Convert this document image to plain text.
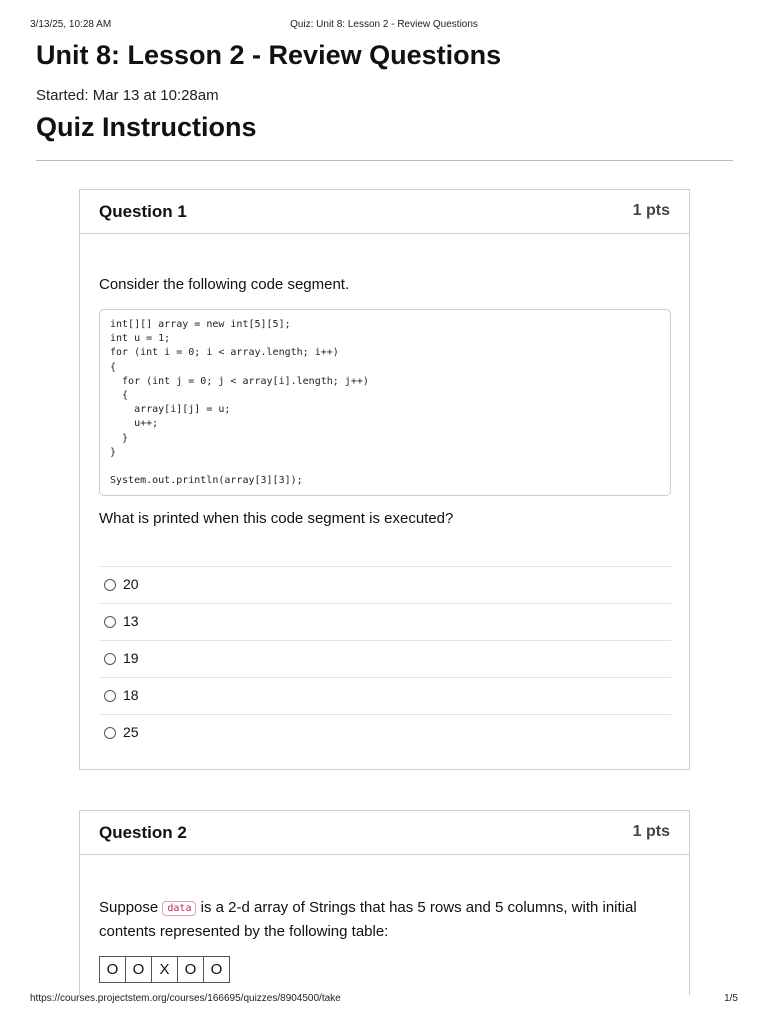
3/13/25, 10:28 AM	Quiz: Unit 8: Lesson 2 - Review Questions
Unit 8: Lesson 2 - Review Questions
Started: Mar 13 at 10:28am
Quiz Instructions
Question 1	1 pts
Consider the following code segment.
int[][] array = new int[5][5];
int u = 1;
for (int i = 0; i < array.length; i++)
{
for (int j = 0; j < array[i].length; j++)
{
array[i][j] = u;
u++;
}
}

System.out.println(array[3][3]);
What is printed when this code segment is executed?
20
13
19
18
25
Question 2	1 pts
Suppose data is a 2-d array of Strings that has 5 rows and 5 columns, with initial contents represented by the following table:
O	O	X	O	O
https://courses.projectstem.org/courses/166695/quizzes/8904500/take	1/5
